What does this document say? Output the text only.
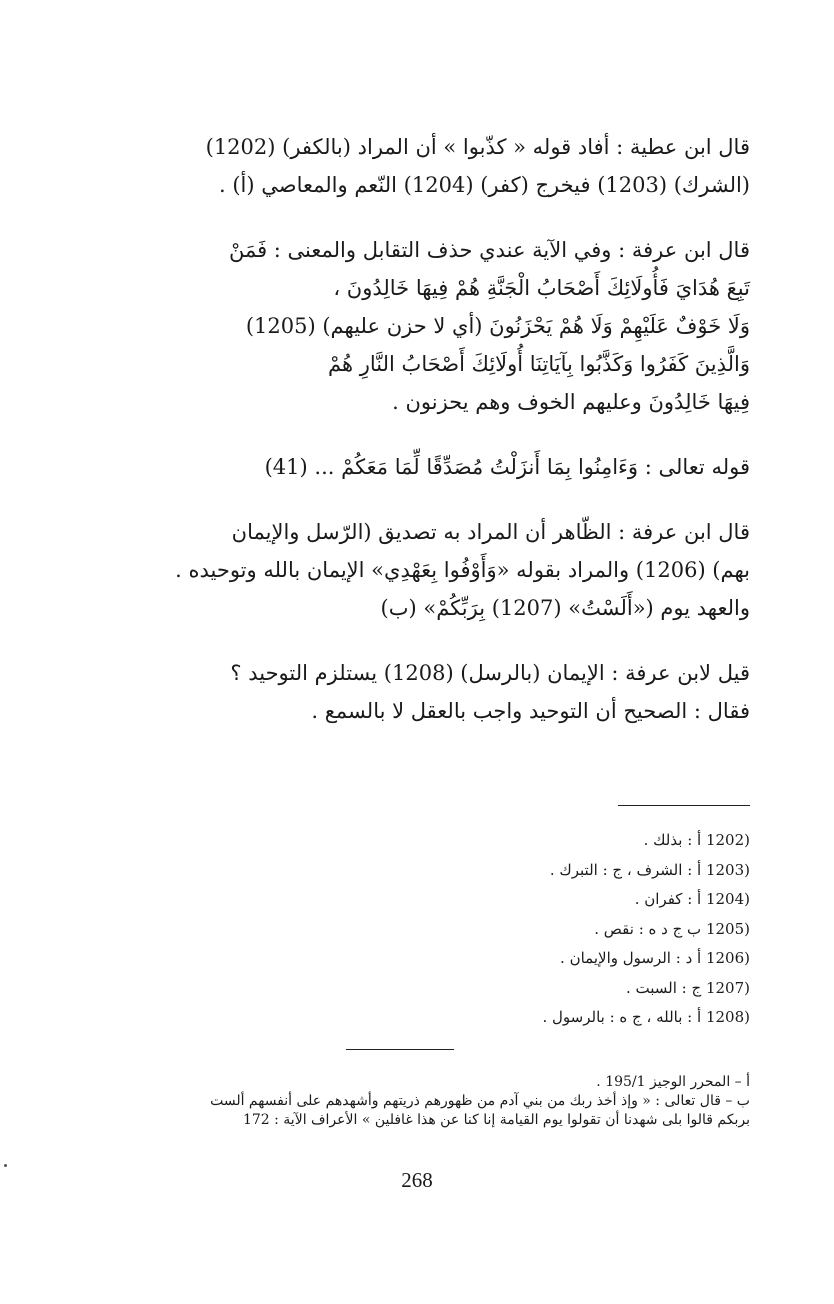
قال ابن عطية : أفاد قوله « كذّبوا » أن المراد (بالكفر) (1202)
(الشرك) (1203) فيخرج (كفر) (1204) النّعم والمعاصي (أ) .

قال ابن عرفة : وفي الآية عندي حذف التقابل والمعنى : فَمَنْ
تَبِعَ هُدَايَ فَأُولَائِكَ أَصْحَابُ الْجَنَّةِ هُمْ فِيهَا خَالِدُونَ ،
وَلَا خَوْفٌ عَلَيْهِمْ وَلَا هُمْ يَحْزَنُونَ (أي لا حزن عليهم) (1205)
وَالَّذِينَ كَفَرُوا وَكَذَّبُوا بِآيَاتِنَا أُولَائِكَ أَصْحَابُ النَّارِ هُمْ
فِيهَا خَالِدُونَ وعليهم الخوف وهم يحزنون .

قوله تعالى : وَءَامِنُوا بِمَا أَنزَلْتُ مُصَدِّقًا لِّمَا مَعَكُمْ ... (41)

قال ابن عرفة : الظّاهر أن المراد به تصديق (الرّسل والإيمان
بهم) (1206) والمراد بقوله «وَأَوْفُوا بِعَهْدِي» الإيمان بالله وتوحيده .
والعهد يوم («أَلَسْتُ» (1207) بِرَبِّكُمْ» (ب)

قيل لابن عرفة : الإيمان (بالرسل) (1208) يستلزم التوحيد ؟
فقال : الصحيح أن التوحيد واجب بالعقل لا بالسمع .

(1202 أ : بذلك .
(1203 أ : الشرف ، ج : التبرك .
(1204 أ : كفران .
(1205 ب ج د ه : نقص .
(1206 أ د : الرسول والإيمان .
(1207 ج : السبت .
(1208 أ : بالله ، ج ه : بالرسول .
أ – المحرر الوجيز 195/1 .
ب – قال تعالى : « وإذ أخذ ربك من بني آدم من ظهورهم ذريتهم وأشهدهم على أنفسهم ألست
بربكم قالوا بلى شهدنا أن تقولوا يوم القيامة إنا كنا عن هذا غافلين » الأعراف الآية : 172
268
